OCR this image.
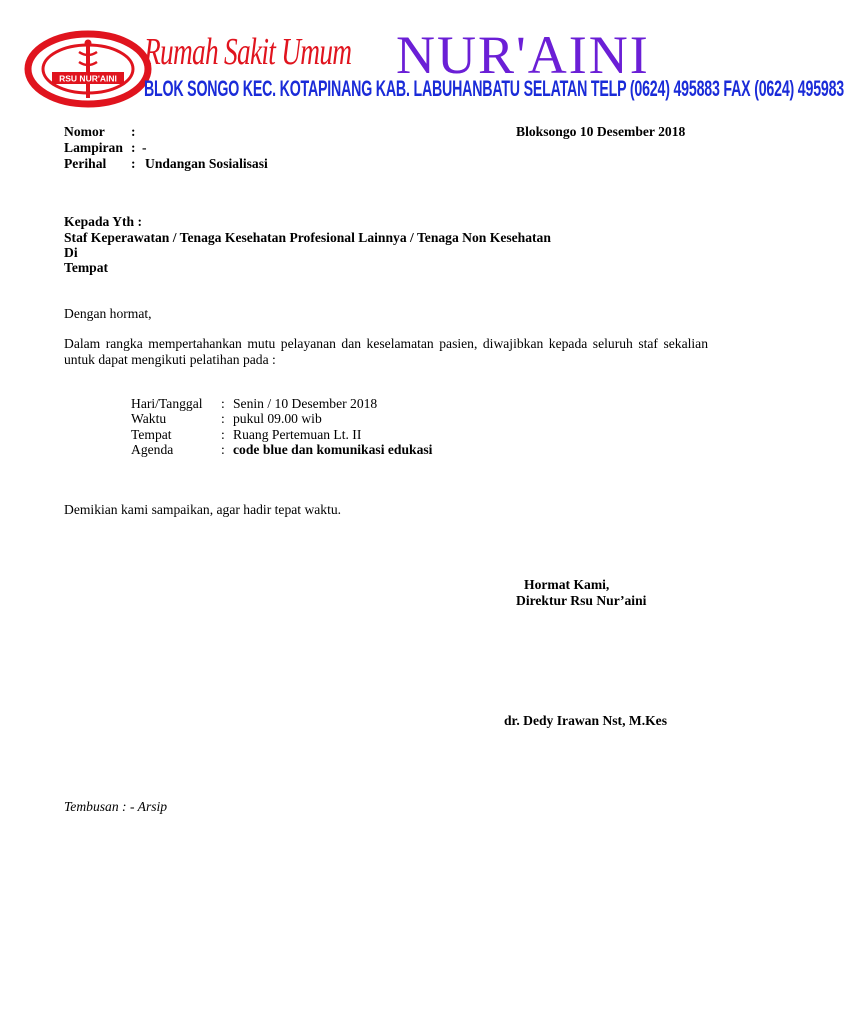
RSU NUR'AINI
Rumah Sakit Umum NUR'AINI
BLOK SONGO KEC. KOTAPINANG KAB. LABUHANBATU SELATAN TELP (0624) 495883 FAX (0624) 495983
Nomor :	Bloksongo 10 Desember 2018
Lampiran : -
Perihal : Undangan Sosialisasi
Kepada Yth :
Staf Keperawatan / Tenaga Kesehatan Profesional Lainnya / Tenaga Non Kesehatan
Di
Tempat
Dengan hormat,
Dalam rangka mempertahankan mutu pelayanan dan keselamatan pasien, diwajibkan kepada seluruh staf sekalian untuk dapat mengikuti pelatihan pada :
Hari/Tanggal : Senin / 10 Desember 2018
Waktu	: pukul 09.00 wib
Tempat	: Ruang Pertemuan Lt. II
Agenda	: code blue dan komunikasi edukasi
Demikian kami sampaikan, agar hadir tepat waktu.
Hormat Kami,
Direktur Rsu Nur’aini
dr. Dedy Irawan Nst, M.Kes
Tembusan : - Arsip
